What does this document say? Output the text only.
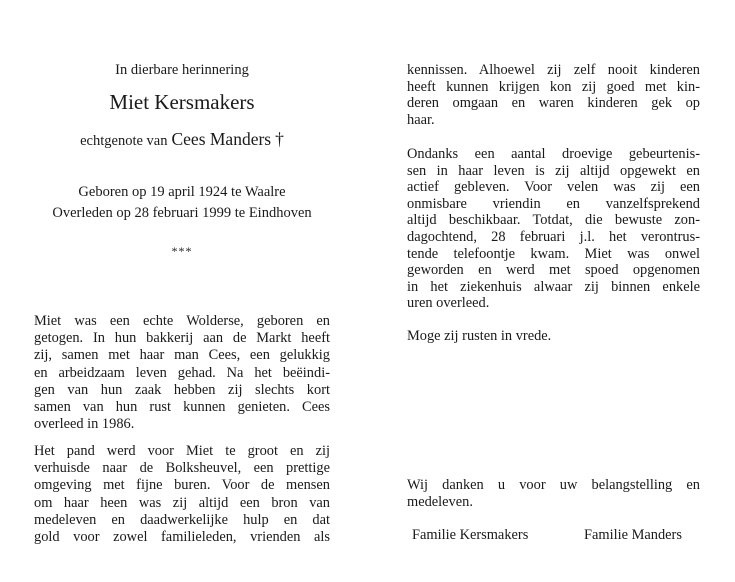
In dierbare herinnering
Miet Kersmakers
echtgenote van Cees Manders †
Geboren op 19 april 1924 te Waalre
Overleden op 28 februari 1999 te Eindhoven
***
Miet was een echte Wolderse, geboren en
getogen. In hun bakkerij aan de Markt heeft
zij, samen met haar man Cees, een gelukkig
en arbeidzaam leven gehad. Na het beëindi-
gen van hun zaak hebben zij slechts kort
samen van hun rust kunnen genieten. Cees
overleed in 1986.
Het pand werd voor Miet te groot en zij
verhuisde naar de Bolksheuvel, een prettige
omgeving met fijne buren. Voor de mensen
om haar heen was zij altijd een bron van
medeleven en daadwerkelijke hulp en dat
gold voor zowel familieleden, vrienden als
kennissen. Alhoewel zij zelf nooit kinderen
heeft kunnen krijgen kon zij goed met kin-
deren omgaan en waren kinderen gek op
haar.
Ondanks een aantal droevige gebeurtenis-
sen in haar leven is zij altijd opgewekt en
actief gebleven. Voor velen was zij een
onmisbare vriendin en vanzelfsprekend
altijd beschikbaar. Totdat, die bewuste zon-
dagochtend, 28 februari j.l. het verontrus-
tende telefoontje kwam. Miet was onwel
geworden en werd met spoed opgenomen
in het ziekenhuis alwaar zij binnen enkele
uren overleed.
Moge zij rusten in vrede.
Wij danken u voor uw belangstelling en
medeleven.
Familie Kersmakers	Familie Manders
